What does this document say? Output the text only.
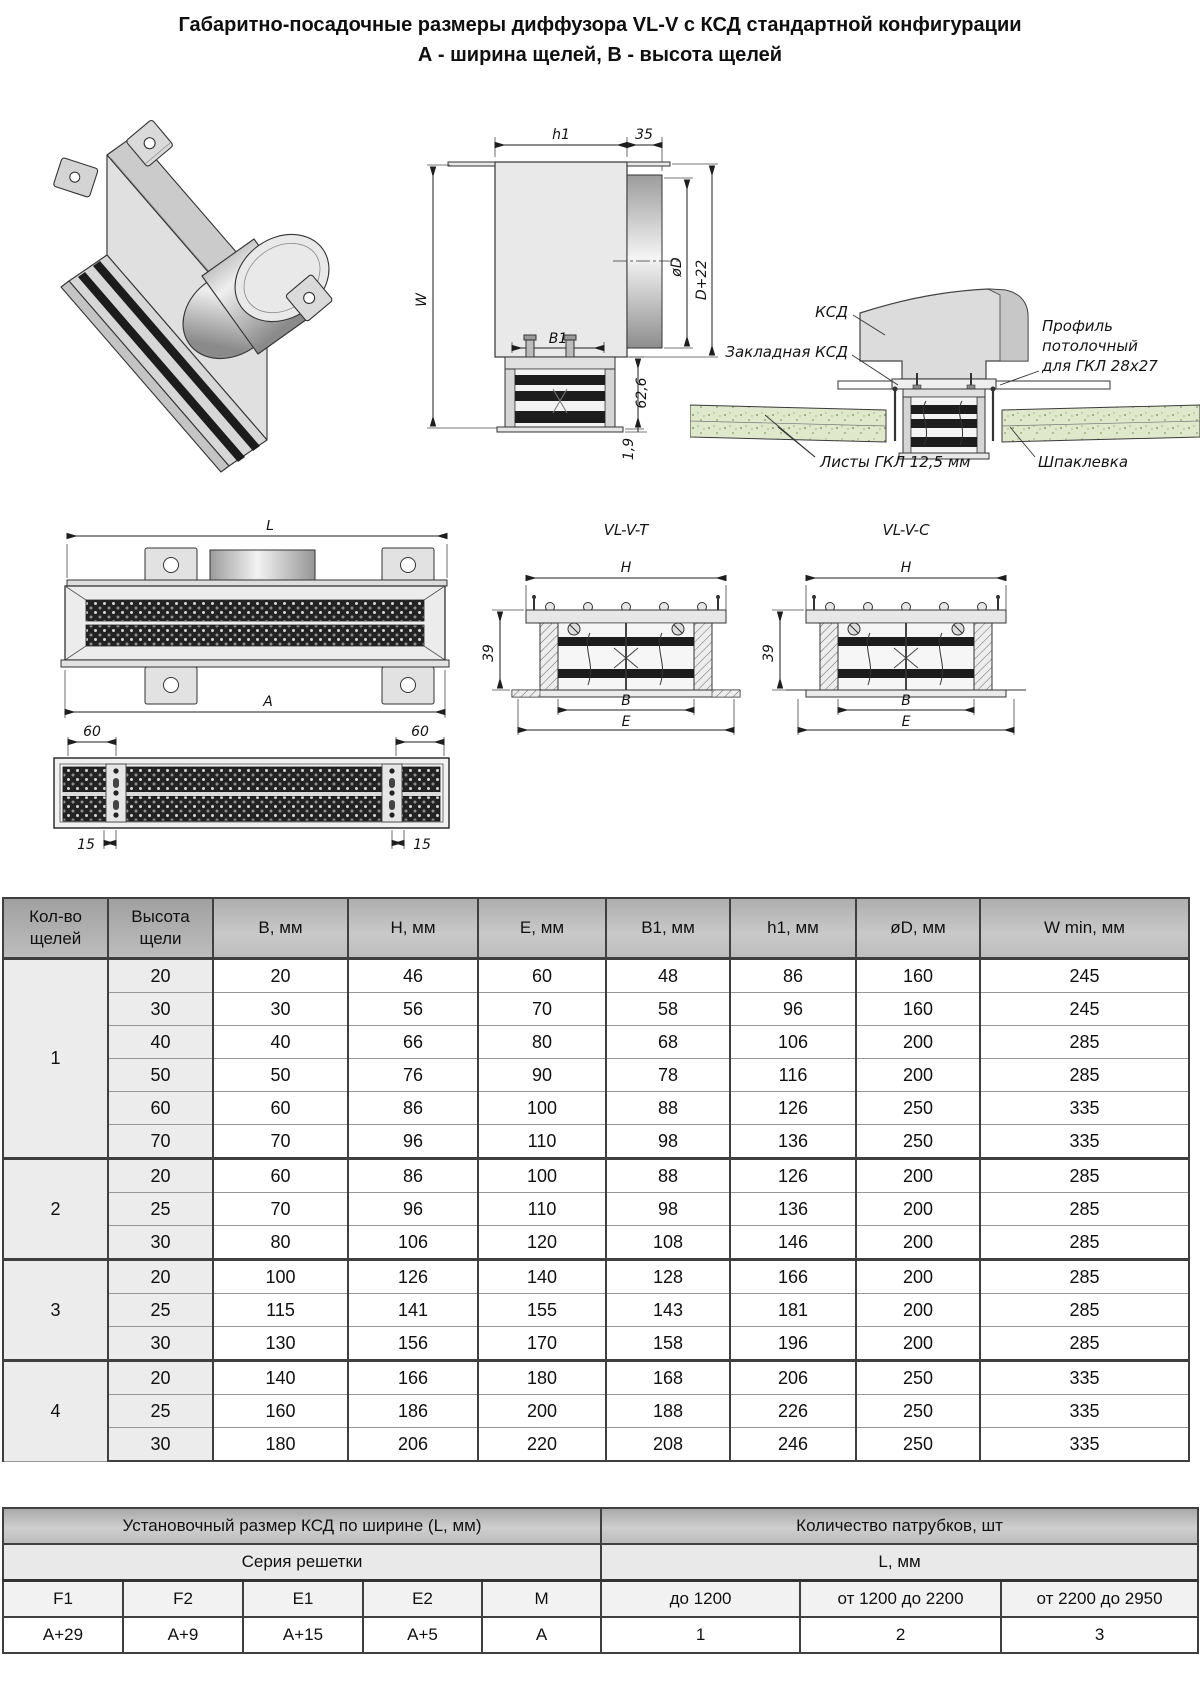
Габаритно-посадочные размеры диффузора VL-V с КСД стандартной конфигурации
А - ширина щелей, В - высота щелей
h1	35
W
øD D+22
B1
62,6
1,9
КСД
Закладная КСД
Профиль
потолочный
для ГКЛ 28х27
Листы ГКЛ 12,5 мм	Шпаклевка
L
А
60	60
15	15
VL-V-T
H
39
B
E
VL-V-C
H
39
B
E
Кол-во
щелей	Высота
щели	B, мм	H, мм	E, мм	B1, мм	h1, мм	øD, мм	W min, мм
1	20	20	46	60	48	86	160	245
	30	30	56	70	58	96	160	245
	40	40	66	80	68	106	200	285
	50	50	76	90	78	116	200	285
	60	60	86	100	88	126	250	335
	70	70	96	110	98	136	250	335
2	20	60	86	100	88	126	200	285
	25	70	96	110	98	136	200	285
	30	80	106	120	108	146	200	285
3	20	100	126	140	128	166	200	285
	25	115	141	155	143	181	200	285
	30	130	156	170	158	196	200	285
4	20	140	166	180	168	206	250	335
	25	160	186	200	188	226	250	335
	30	180	206	220	208	246	250	335
Установочный размер КСД по ширине (L, мм)					Количество патрубков, шт		
Серия решетки					L, мм		
F1	F2	E1	E2	M	до 1200	от 1200 до 2200	от 2200 до 2950
A+29	A+9	A+15	A+5	A	1	2	3
